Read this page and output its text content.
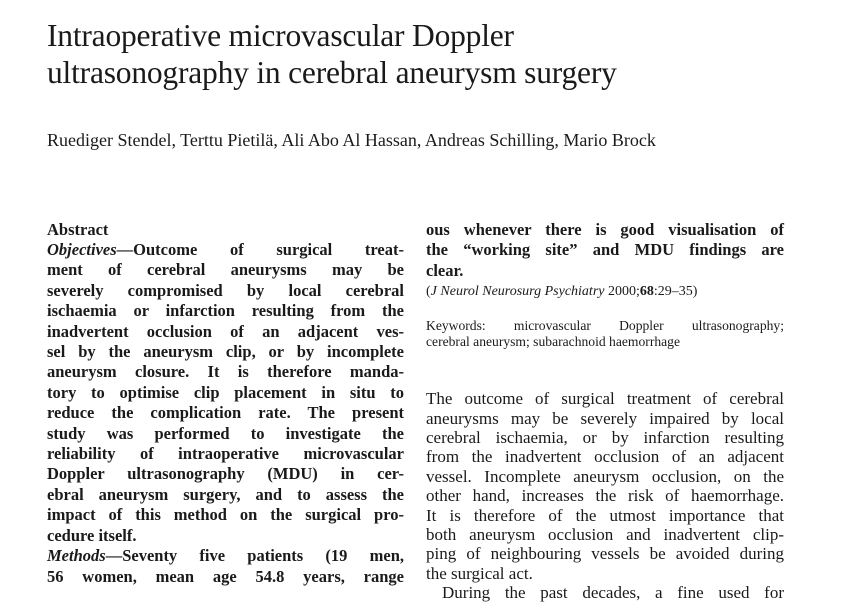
Intraoperative microvascular Doppler
ultrasonography in cerebral aneurysm surgery
Ruediger Stendel, Terttu Pietilä, Ali Abo Al Hassan, Andreas Schilling, Mario Brock
Abstract
Objectives—Outcome of surgical treat-
ment of cerebral aneurysms may be
severely compromised by local cerebral
ischaemia or infarction resulting from the
inadvertent occlusion of an adjacent ves-
sel by the aneurysm clip, or by incomplete
aneurysm closure. It is therefore manda-
tory to optimise clip placement in situ to
reduce the complication rate. The present
study was performed to investigate the
reliability of intraoperative microvascular
Doppler ultrasonography (MDU) in cer-
ebral aneurysm surgery, and to assess the
impact of this method on the surgical pro-
cedure itself.
Methods—Seventy five patients (19 men,
56 women, mean age 54.8 years, range
ous whenever there is good visualisation of
the “working site” and MDU findings are
clear.
(J Neurol Neurosurg Psychiatry 2000;68:29–35)
Keywords: microvascular Doppler ultrasonography;
cerebral aneurysm; subarachnoid haemorrhage
The outcome of surgical treatment of cerebral
aneurysms may be severely impaired by local
cerebral ischaemia, or by infarction resulting
from the inadvertent occlusion of an adjacent
vessel. Incomplete aneurysm occlusion, on the
other hand, increases the risk of haemorrhage.
It is therefore of the utmost importance that
both aneurysm occlusion and inadvertent clip-
ping of neighbouring vessels be avoided during
the surgical act.
During the past decades, a fine used for
